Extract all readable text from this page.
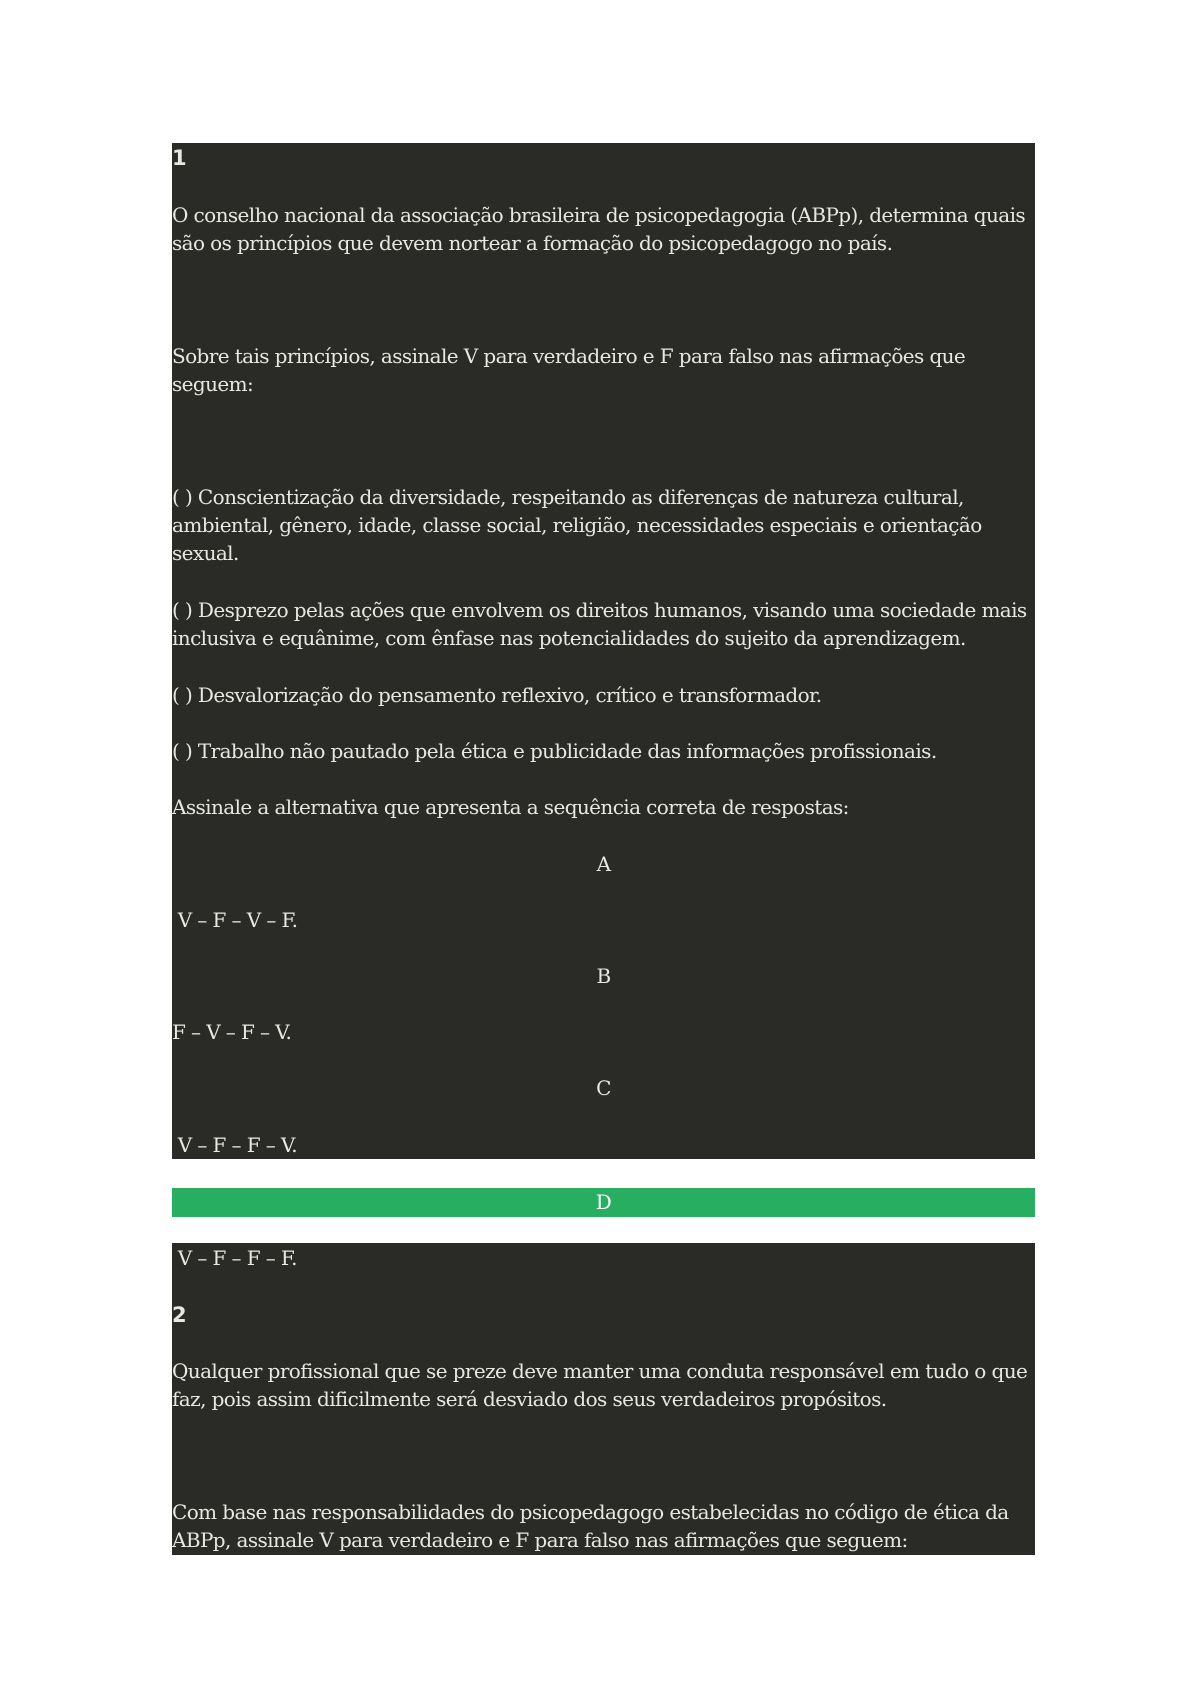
1
O conselho nacional da associação brasileira de psicopedagogia (ABPp), determina quais são os princípios que devem nortear a formação do psicopedagogo no país.
Sobre tais princípios, assinale V para verdadeiro e F para falso nas afirmações que seguem:
( ) Conscientização da diversidade, respeitando as diferenças de natureza cultural, ambiental, gênero, idade, classe social, religião, necessidades especiais e orientação sexual.
( ) Desprezo pelas ações que envolvem os direitos humanos, visando uma sociedade mais inclusiva e equânime, com ênfase nas potencialidades do sujeito da aprendizagem.
( ) Desvalorização do pensamento reflexivo, crítico e transformador.
( ) Trabalho não pautado pela ética e publicidade das informações profissionais.
Assinale a alternativa que apresenta a sequência correta de respostas:
A
V – F – V – F.
B
F – V – F – V.
C
V – F – F – V.
D
V – F – F – F.
2
Qualquer profissional que se preze deve manter uma conduta responsável em tudo o que faz, pois assim dificilmente será desviado dos seus verdadeiros propósitos.
Com base nas responsabilidades do psicopedagogo estabelecidas no código de ética da ABPp, assinale V para verdadeiro e F para falso nas afirmações que seguem:
